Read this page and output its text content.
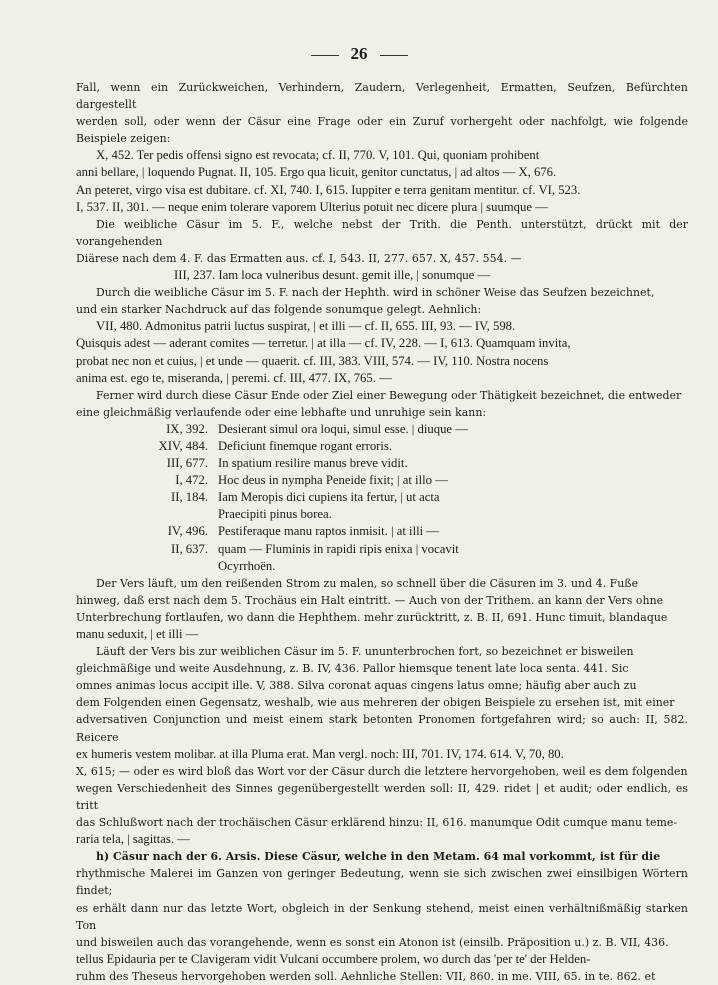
26

Fall, wenn ein Zurückweichen, Verhindern, Zaudern, Verlegenheit, Ermatten, Seufzen, Befürchten dargestellt

werden soll, oder wenn der Cäsur eine Frage oder ein Zuruf vorhergeht oder nachfolgt, wie folgende Beispiele zeigen:

X, 452. Ter pedis offensi signo est revocata; cf. II, 770. V, 101. Qui, quoniam prohibent

anni bellare, | loquendo Pugnat. II, 105. Ergo qua licuit, genitor cunctatus, | ad altos — X, 676.

An peteret, virgo visa est dubitare. cf. XI, 740. I, 615. Iuppiter e terra genitam mentitur. cf. VI, 523.

I, 537. II, 301. — neque enim tolerare vaporem Ulterius potuit nec dicere plura | suumque —

Die weibliche Cäsur im 5. F., welche nebst der Trith. die Penth. unterstützt, drückt mit der vorangehenden

Diärese nach dem 4. F. das Ermatten aus. cf. I, 543. II, 277. 657. X, 457. 554. —

III, 237. Iam loca vulneribus desunt. gemit ille, | sonumque —

Durch die weibliche Cäsur im 5. F. nach der Hephth. wird in schöner Weise das Seufzen bezeichnet,

und ein starker Nachdruck auf das folgende sonumque gelegt. Aehnlich:

VII, 480. Admonitus patrii luctus suspirat, | et illi — cf. II, 655. III, 93. — IV, 598.

Quisquis adest — aderant comites — terretur. | at illa — cf. IV, 228. — I, 613. Quamquam invita,

probat nec non et cuius, | et unde — quaerit. cf. III, 383. VIII, 574. — IV, 110. Nostra nocens

anima est. ego te, miseranda, | peremi. cf. III, 477. IX, 765. —

Ferner wird durch diese Cäsur Ende oder Ziel einer Bewegung oder Thätigkeit bezeichnet, die entweder

eine gleichmäßig verlaufende oder eine lebhafte und unruhige sein kann:

IX, 392. Desierant simul ora loqui, simul esse. | diuque —
XIV, 484. Deficiunt finemque rogant erroris.
III, 677. In spatium resilire manus breve vidit.
I, 472. Hoc deus in nympha Peneide fixit; | at illo —
II, 184. Iam Meropis dici cupiens ita fertur, | ut acta
Praecipiti pinus borea.
IV, 496. Pestiferaque manu raptos inmisit. | at illi —
II, 637. quam — Fluminis in rapidi ripis enixa | vocavit
Ocyrrhoën.

Der Vers läuft, um den reißenden Strom zu malen, so schnell über die Cäsuren im 3. und 4. Fuße

hinweg, daß erst nach dem 5. Trochäus ein Halt eintritt. — Auch von der Trithem. an kann der Vers ohne

Unterbrechung fortlaufen, wo dann die Hephthem. mehr zurücktritt, z. B. II, 691. Hunc timuit, blandaque

manu seduxit, | et illi —

Läuft der Vers bis zur weiblichen Cäsur im 5. F. ununterbrochen fort, so bezeichnet er bisweilen

gleichmäßige und weite Ausdehnung, z. B. IV, 436. Pallor hiemsque tenent late loca senta. 441. Sic

omnes animas locus accipit ille. V, 388. Silva coronat aquas cingens latus omne; häufig aber auch zu

dem Folgenden einen Gegensatz, weshalb, wie aus mehreren der obigen Beispiele zu ersehen ist, mit einer

adversativen Conjunction und meist einem stark betonten Pronomen fortgefahren wird; so auch: II, 582. Reicere

ex humeris vestem molibar. at illa Pluma erat. Man vergl. noch: III, 701. IV, 174. 614. V, 70, 80.

X, 615; — oder es wird bloß das Wort vor der Cäsur durch die letztere hervorgehoben, weil es dem folgenden

wegen Verschiedenheit des Sinnes gegenübergestellt werden soll: II, 429. ridet | et audit; oder endlich, es tritt

das Schlußwort nach der trochäischen Cäsur erklärend hinzu: II, 616. manumque Odit cumque manu teme-

raria tela, | sagittas. —

h) Cäsur nach der 6. Arsis. Diese Cäsur, welche in den Metam. 64 mal vorkommt, ist für die

rhythmische Malerei im Ganzen von geringer Bedeutung, wenn sie sich zwischen zwei einsilbigen Wörtern findet;

es erhält dann nur das letzte Wort, obgleich in der Senkung stehend, meist einen verhältnißmäßig starken Ton

und bisweilen auch das vorangehende, wenn es sonst ein Atonon ist (einsilb. Präposition u.) z. B. VII, 436.

tellus Epidauria per te Clavigeram vidit Vulcani occumbere prolem, wo durch das 'per te' der Helden-

ruhm des Theseus hervorgehoben werden soll. Aehnliche Stellen: VII, 860. in me. VIII, 65. in te. 862. et
